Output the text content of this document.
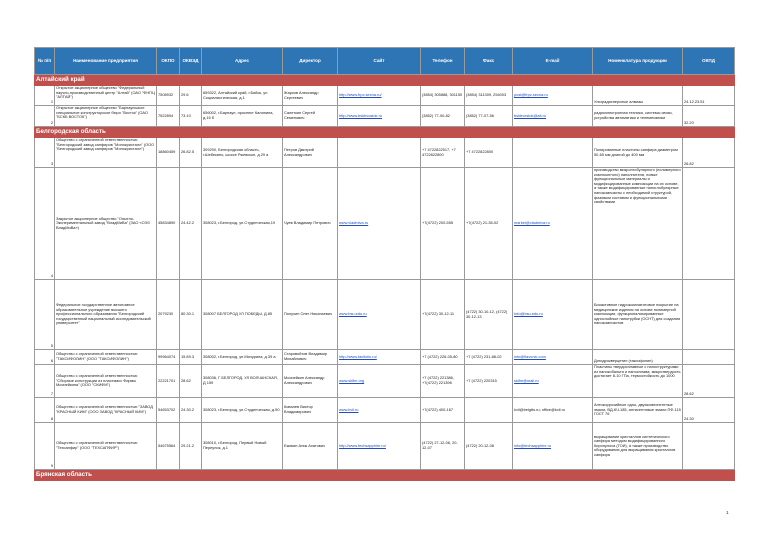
№ п/п	Наименование предприятия	ОКПО	ОКВЭД	Адрес	Директор	Сайт	Телефон	Факс	E-mail	Номенклатура продукции	ОКПД
Алтайский край											
1	Открытое акционерное общество "Федеральный научно-производственный центр "Алтай" (ОАО "ФНПЦ "АЛТАЙ")	7508932	29.6	659322, Алтайский край, г.Бийск, ул Социалистическая, д.1	Жарков Александр Сергеевич	http://www.frpc.secna.ru/	(3854) 305888, 301150	(3854) 311309, 254003	post@frpc.secna.ru	Ультрадисперсные алмазы	24.12.23.51
2	Открытое акционерное общество "Барнаульское специальное конструкторское бюро "Восток" (ОАО "БСКБ ВОСТОК")	7522894	73.10	656002, г.Барнаул, проспект Калинина, д.15 б	Салеткин Сергей Семенович	http://www.bskbvostok.ru	(3852) 77-00-82	(3852) 77-07-56	bskbvostok@alt.ru	радиоэлектронная техника, системы связи, устройства автоматики и телемеханики	32.20
Белгородская область											
3	Общество с ограниченной ответственностью "Белгородский завод сапфиров "Монокристалл" (ООО "Белгородский завод сапфиров "Монокристалл")	18860459	26.82.5	309290, Белгородская область, г.Шебекино, шоссе Ржевское, д.29 а	Петров Дмитрий Александрович		+7 4722822517, +7 4722822800	+7 4722822800		Полированные пластины сапфира диаметром 50-65 мм длиной до 400 мм	26.82
4	Закрытое акционерное общество "Опытно-Экспериментальный завод "ВладМиВа" (ЗАО «ОЭЗ ВладМиВа»)	45834890	24.42.2	308023, г.Белгород, ул.Студенческая,19	Чуев Владимир Петрович	www.vladmiva.ru	+7(4722) 200-555	+7(4722) 21-35-02	market@vladmiva.ru	производство микроглобулярного (полимерного композитного) наполнителя, новые функциональные материалы и модифицированные композиции на их основе, а также модифицированные наноглобулярные нанокомпозиты с необходимой структурой, фазовым составом и функциональными свойствами	
5	Федеральное государственное автономное образовательное учреждение высшего профессионального образования "Белгородский государственный национальный исследовательский университет"	2079230	80.30.1	308007 БЕЛГОРОД УЛ ПОБЕДЫ, Д.85	Полухин Олег Николаевич	www.bsu.edu.ru	+7(4722) 30-12-11	(4722) 30-10-12, (4722) 30-12-13	Info@bsu.edu.ru	Биоактивное гидроксиапатитовое покрытие на медицинские изделия на основе полимерной композиции, функционализированные однослойные нанотрубки (ОСНТ) для создания нанокомпозитов	
6	Общество с ограниченной ответственностью "ТАКСИФОЛИН" (ООО "ТАКСИФОЛИН")	99964074	15.89.3	308002, г.Белгород, ул.Мичурина, д.39 а	Старовойтов Владимир Михайлович	http://www.taxifolin.ru/	+7 (4722) 226-05-80	+7 (4722) 231-88-02	info@flavonic.com	Дигидрокверцетин (таксифолин)	
7	Общество с ограниченной ответственностью "Сборные конструкции из пластмасс Фирмы Мосиейкина" (ООО "СКИФМ")	22221701	28.62	308036, Г БЕЛГОРОД, УЛ ВОЛЧАНСКАЯ, Д 159	Мосиейкин Александр Александрович	www.skifm.org	+7 (4722) 221386, +7(4722) 221396	+7 (4722) 220315	skifm@mail.ru	Пластины твердосплавные с наноструктурами из нанокобальта и наносплава, микротвердость достигает 8-10 ГПа, термостойкость до 1000	28.62
8	Общество с ограниченной ответственностью "ЗАВОД "КРАСНЫЙ КИМ" (ООО ЗАВОД "КРАСНЫЙ КИМ")	54653702	24.30.2	308023, г.Белгород, ул.Студенческая, д.50	Ковалев Виктор Владимирович	www.kvil.ru	+7(4722) 400-167		kvil@belgtts.ru; office@kvil.ru	Антикоррозийные одно- двухкомпонентные эмали, ВД-КЧ-185, антисептовые эмали ПФ-115 ГОСТ 76	24.30
9	Общество с ограниченной ответственностью "Техсапфир" (ООО "ТЕХСАПФИР")	54675564	29.21.2	308010, г.Белгород, Первый Новый Переулок, д.1	Ежикин Алик Ахатович	http://www.techsapphire.ru/	(4722) 27-12-06, 20-12-07	(4722) 20-12-08	info@techsapphire.ru	выращивание кристаллов синтетического сапфира методом модифицированного Киропулоса (ГОИ), а также производство оборудования для выращивания кристаллов сапфира	
Брянская область											
1
